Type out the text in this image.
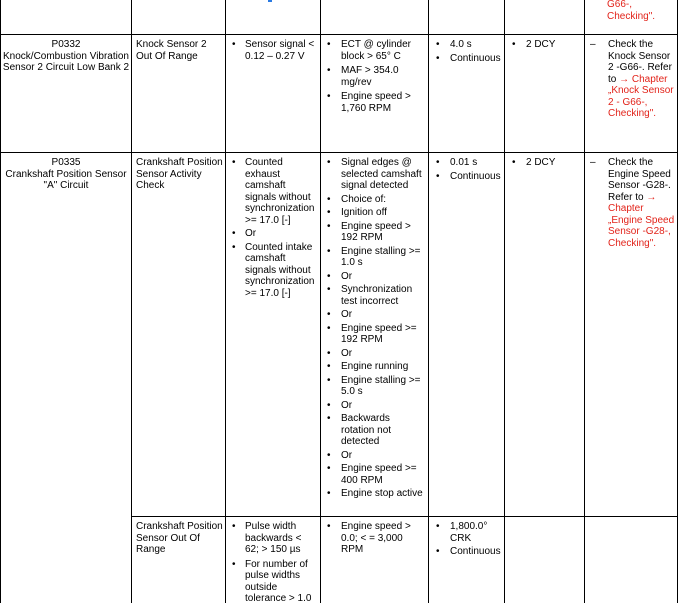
G66-, Checking".
P0332
Knock/Combustion Vibration Sensor 2 Circuit Low Bank 2
Knock Sensor 2 Out Of Range
• Sensor signal < 0.12 – 0.27 V
• ECT @ cylinder block > 65° C
• MAF > 354.0 mg/rev
• Engine speed > 1,760 RPM
• 4.0 s
• Continuous
• 2 DCY	– Check the Knock Sensor 2 -G66-. Refer to → Chapter „Knock Sensor 2 - G66-, Checking".
P0335
Crankshaft Position Sensor "A" Circuit
Crankshaft Position Sensor Activity Check
• Counted exhaust camshaft signals without synchronization >= 17.0 [-]
• Or
• Counted intake camshaft signals without synchronization >= 17.0 [-]
• Signal edges @ selected camshaft signal detected
• Choice of:
• Ignition off
• Engine speed > 192 RPM
• Engine stalling >= 1.0 s
• Or
• Synchronization test incorrect
• Or
• Engine speed >= 192 RPM
• Or
• Engine running
• Engine stalling >= 5.0 s
• Or
• Backwards rotation not detected
• Or
• Engine speed >= 400 RPM
• Engine stop active
• 0.01 s
• Continuous
• 2 DCY	– Check the Engine Speed Sensor -G28-. Refer to → Chapter „Engine Speed Sensor -G28-, Checking".
Crankshaft Position Sensor Out Of Range
• Pulse width backwards < 62; > 150 µs
• For number of pulse widths outside tolerance > 1.0
• Engine speed > 0.0; < = 3,000 RPM
• 1,800.0° CRK
• Continuous
